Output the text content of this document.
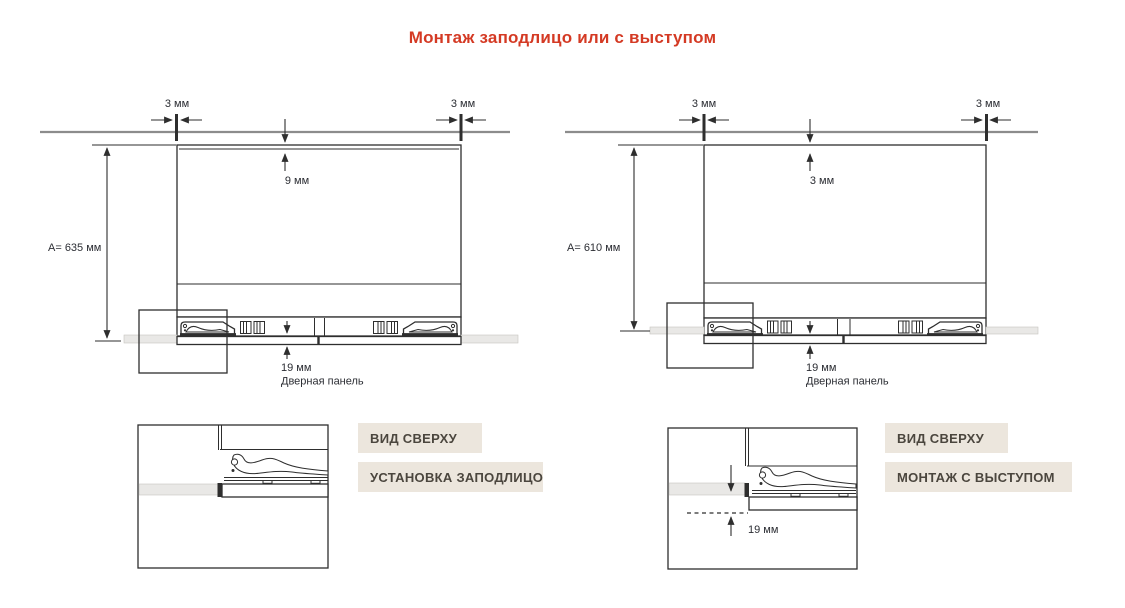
Монтаж заподлицо или с выступом
3 мм	3 мм
A= 635 мм
9 мм
19 мм
Дверная панель
3 мм	3 мм
A= 610 мм
3 мм
19 мм
Дверная панель
19 мм
ВИД СВЕРХУ
УСТАНОВКА ЗАПОДЛИЦО
ВИД СВЕРХУ
МОНТАЖ С ВЫСТУПОМ
